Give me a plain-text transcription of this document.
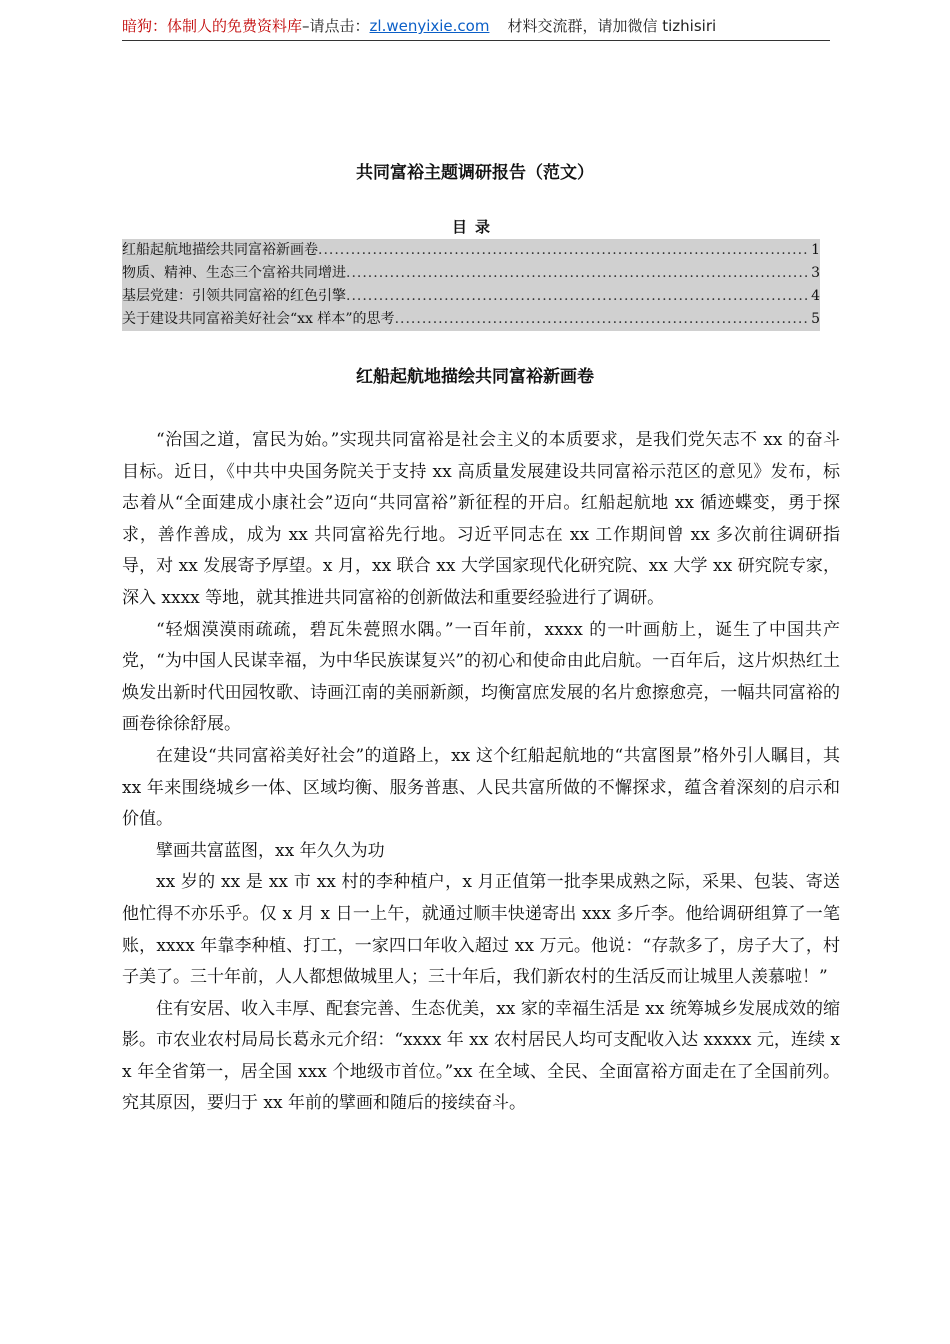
暗狗：体制人的免费资料库–请点击：zl.wenyixie.com 材料交流群，请加微信 tizhisiri
共同富裕主题调研报告（范文）
目录
红船起航地描绘共同富裕新画卷 .....	1
物质、精神、生态三个富裕共同增进 .....	3
基层党建：引领共同富裕的红色引擎 .....	4
关于建设共同富裕美好社会“xx 样本”的思考 .....	5
红船起航地描绘共同富裕新画卷

“治国之道，富民为始。”实现共同富裕是社会主义的本质要求，是我们党矢志不 xx 的奋斗目标。近日，《中共中央国务院关于支持 xx 高质量发展建设共同富裕示范区的意见》发布，标志着从“全面建成小康社会”迈向“共同富裕”新征程的开启。红船起航地 xx 循迹蝶变，勇于探求，善作善成，成为 xx 共同富裕先行地。习近平同志在 xx 工作期间曾 xx 多次前往调研指导，对 xx 发展寄予厚望。x 月，xx 联合 xx 大学国家现代化研究院、xx 大学 xx 研究院专家，深入 xxxx 等地，就其推进共同富裕的创新做法和重要经验进行了调研。

“轻烟漠漠雨疏疏，碧瓦朱甍照水隅。”一百年前，xxxx 的一叶画舫上，诞生了中国共产党，“为中国人民谋幸福，为中华民族谋复兴”的初心和使命由此启航。一百年后，这片炽热红土焕发出新时代田园牧歌、诗画江南的美丽新颜，均衡富庶发展的名片愈擦愈亮，一幅共同富裕的画卷徐徐舒展。

在建设“共同富裕美好社会”的道路上，xx 这个红船起航地的“共富图景”格外引人瞩目，其 xx 年来围绕城乡一体、区域均衡、服务普惠、人民共富所做的不懈探求，蕴含着深刻的启示和价值。

擘画共富蓝图，xx 年久久为功

xx 岁的 xx 是 xx 市 xx 村的李种植户，x 月正值第一批李果成熟之际，采果、包装、寄送他忙得不亦乐乎。仅 x 月 x 日一上午，就通过顺丰快递寄出 xxx 多斤李。他给调研组算了一笔账，xxxx 年靠李种植、打工，一家四口年收入超过 xx 万元。他说：“存款多了，房子大了，村子美了。三十年前，人人都想做城里人；三十年后，我们新农村的生活反而让城里人羡慕啦！”

住有安居、收入丰厚、配套完善、生态优美，xx 家的幸福生活是 xx 统筹城乡发展成效的缩影。市农业农村局局长葛永元介绍：“xxxx 年 xx 农村居民人均可支配收入达 xxxxx 元，连续 xx 年全省第一，居全国 xxx 个地级市首位。”xx 在全域、全民、全面富裕方面走在了全国前列。究其原因，要归于 xx 年前的擘画和随后的接续奋斗。
